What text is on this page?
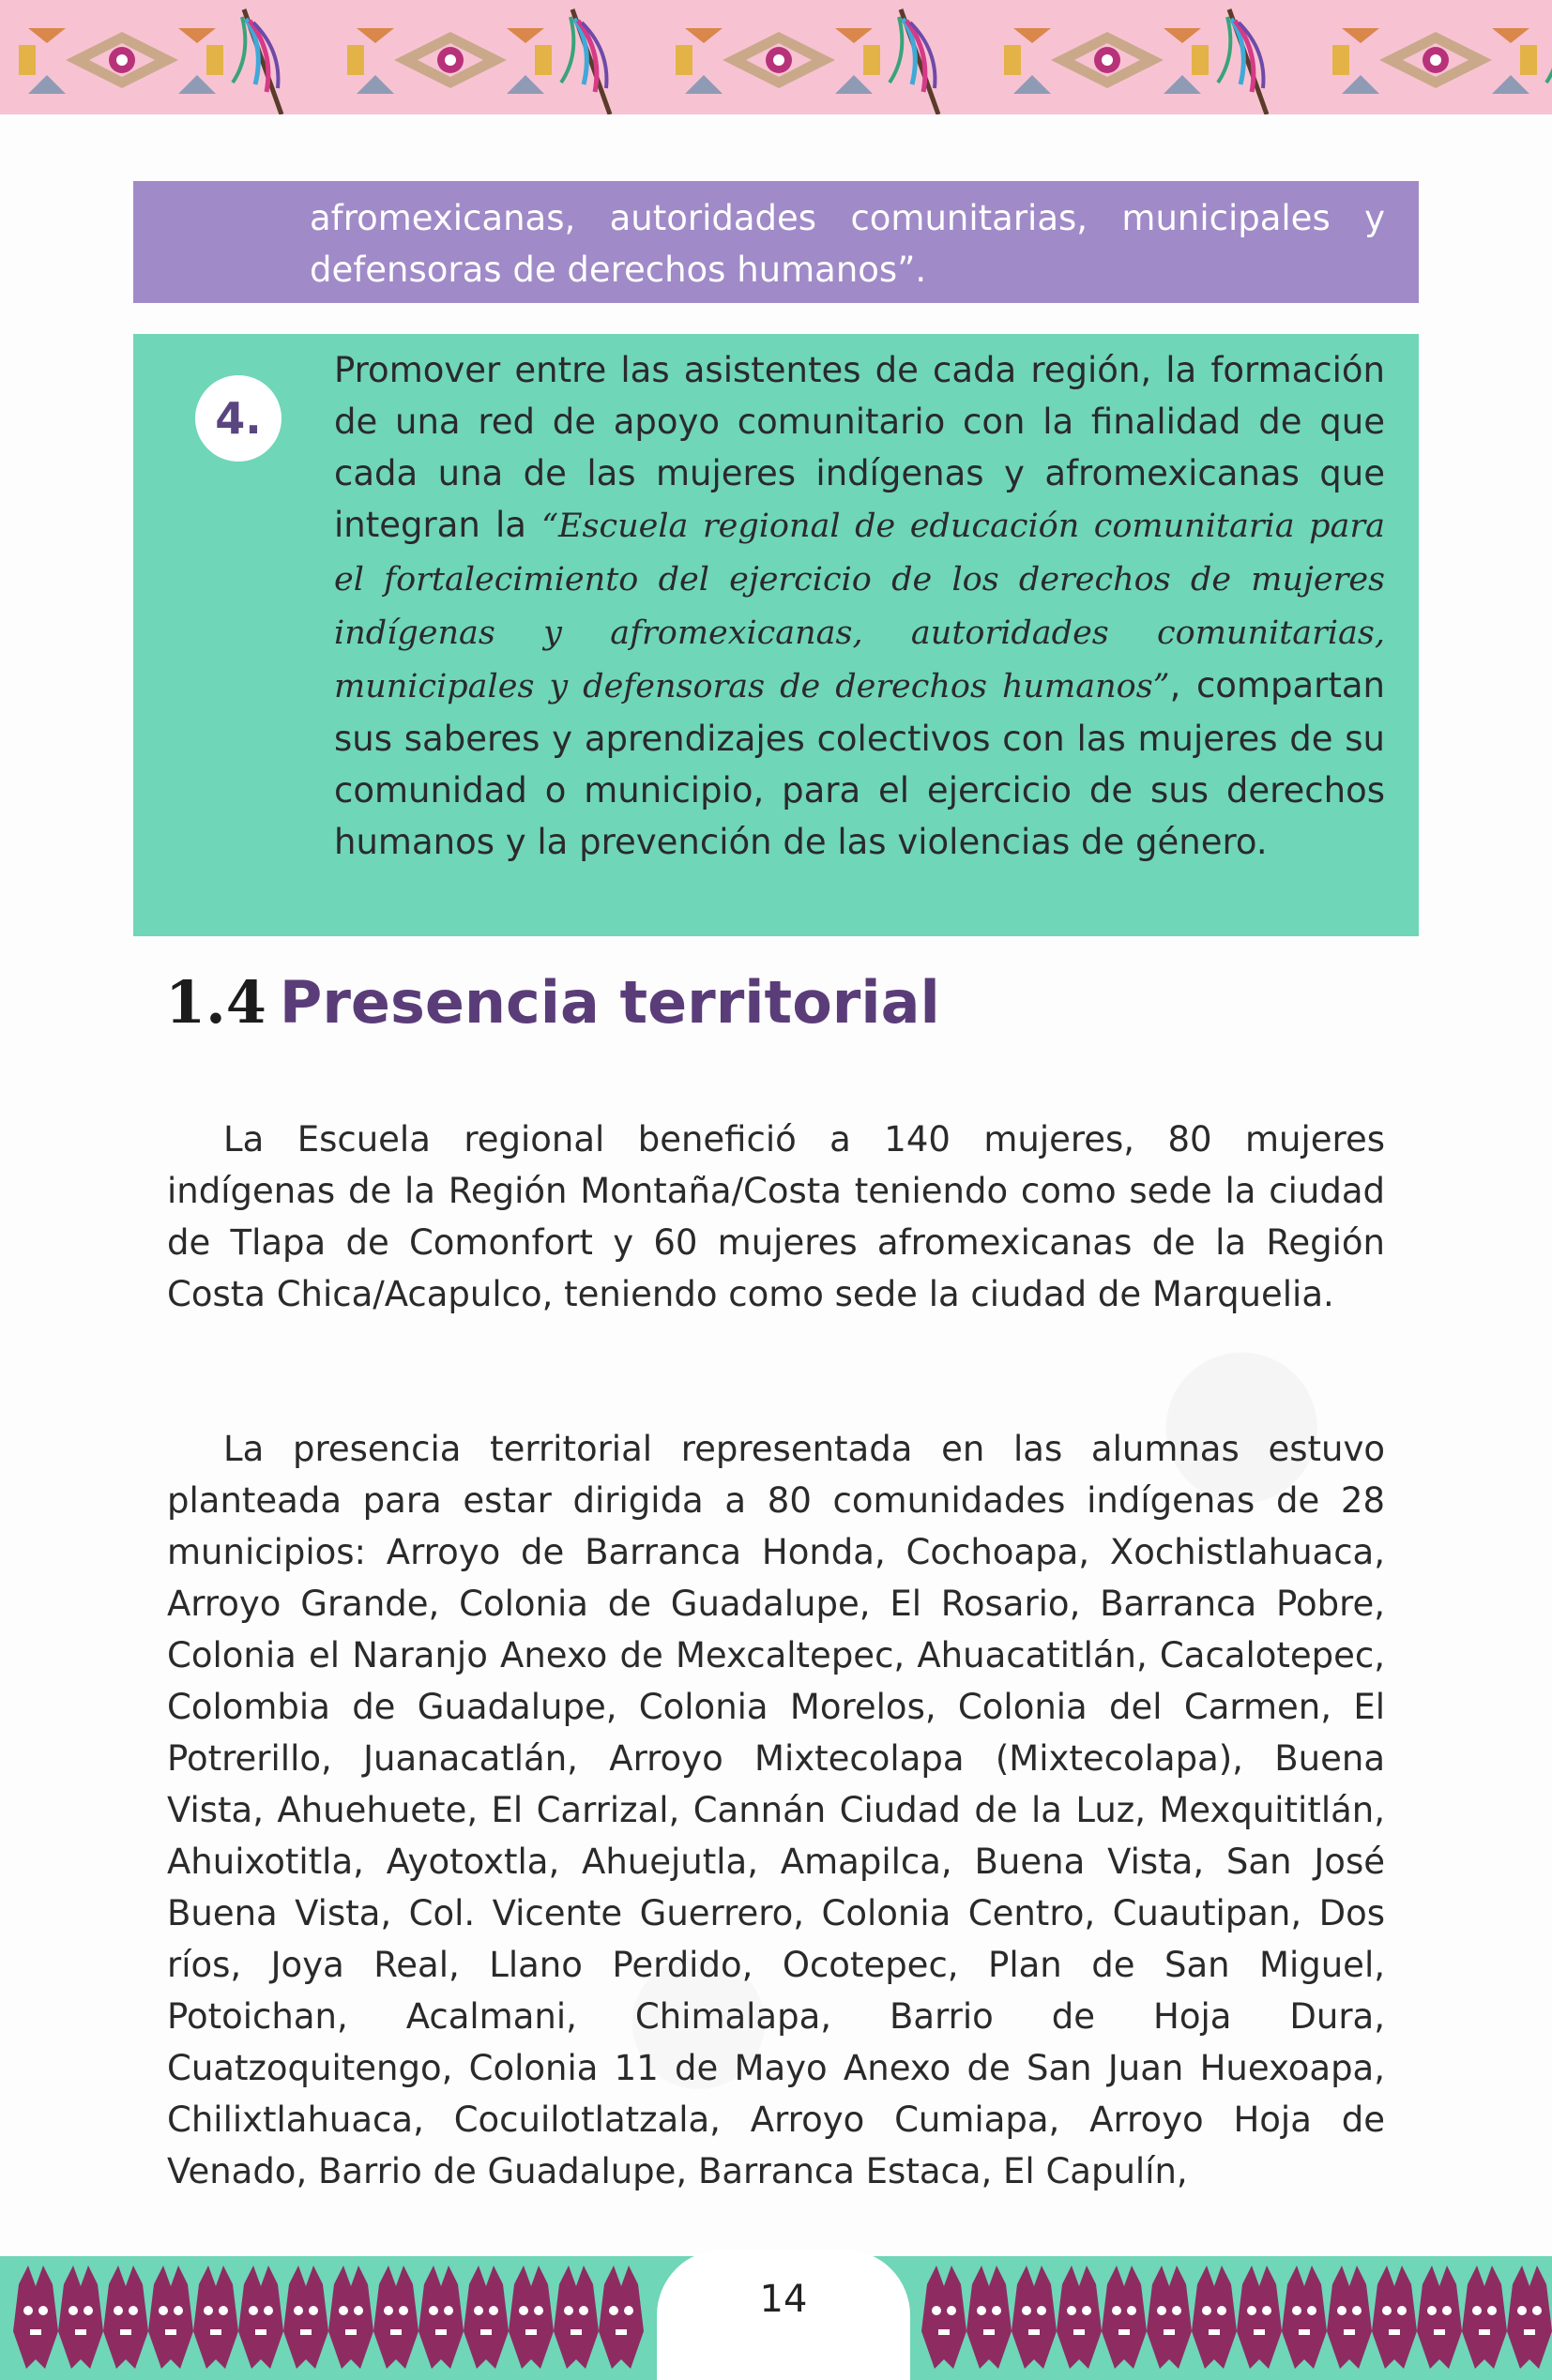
afromexicanas, autoridades comunitarias, municipales y defensoras de derechos humanos”.
4.
Promover entre las asistentes de cada región, la formación de una red de apoyo comunitario con la finalidad de que cada una de las mujeres indígenas y afromexicanas que integran la “Escuela regional de educación comunitaria para el fortalecimiento del ejercicio de los derechos de mujeres indígenas y afromexicanas, autoridades comunitarias, municipales y defensoras de derechos humanos”, compartan sus saberes y aprendizajes colectivos con las mujeres de su comunidad o municipio, para el ejercicio de sus derechos humanos y la prevención de las violencias de género.
1.4 Presencia territorial

La Escuela regional benefició a 140 mujeres, 80 mujeres indígenas de la Región Montaña/Costa teniendo como sede la ciudad de Tlapa de Comonfort y 60 mujeres afromexicanas de la Región Costa Chica/Acapulco, teniendo como sede la ciudad de Marquelia.

La presencia territorial representada en las alumnas estuvo planteada para estar dirigida a 80 comunidades indígenas de 28 municipios: Arroyo de Barranca Honda, Cochoapa, Xochistlahuaca, Arroyo Grande, Colonia de Guadalupe, El Rosario, Barranca Pobre, Colonia el Naranjo Anexo de Mexcaltepec, Ahuacatitlán, Cacalotepec, Colombia de Guadalupe, Colonia Morelos, Colonia del Carmen, El Potrerillo, Juanacatlán, Arroyo Mixtecolapa (Mixtecolapa), Buena Vista, Ahuehuete, El Carrizal, Cannán Ciudad de la Luz, Mexquititlán, Ahuixotitla, Ayotoxtla, Ahuejutla, Amapilca, Buena Vista, San José Buena Vista, Col. Vicente Guerrero, Colonia Centro, Cuautipan, Dos ríos, Joya Real, Llano Perdido, Ocotepec, Plan de San Miguel, Potoichan, Acalmani, Chimalapa, Barrio de Hoja Dura, Cuatzoquitengo, Colonia 11 de Mayo Anexo de San Juan Huexoapa, Chilixtlahuaca, Cocuilotlatzala, Arroyo Cumiapa, Arroyo Hoja de Venado, Barrio de Guadalupe, Barranca Estaca, El Capulín,

14
